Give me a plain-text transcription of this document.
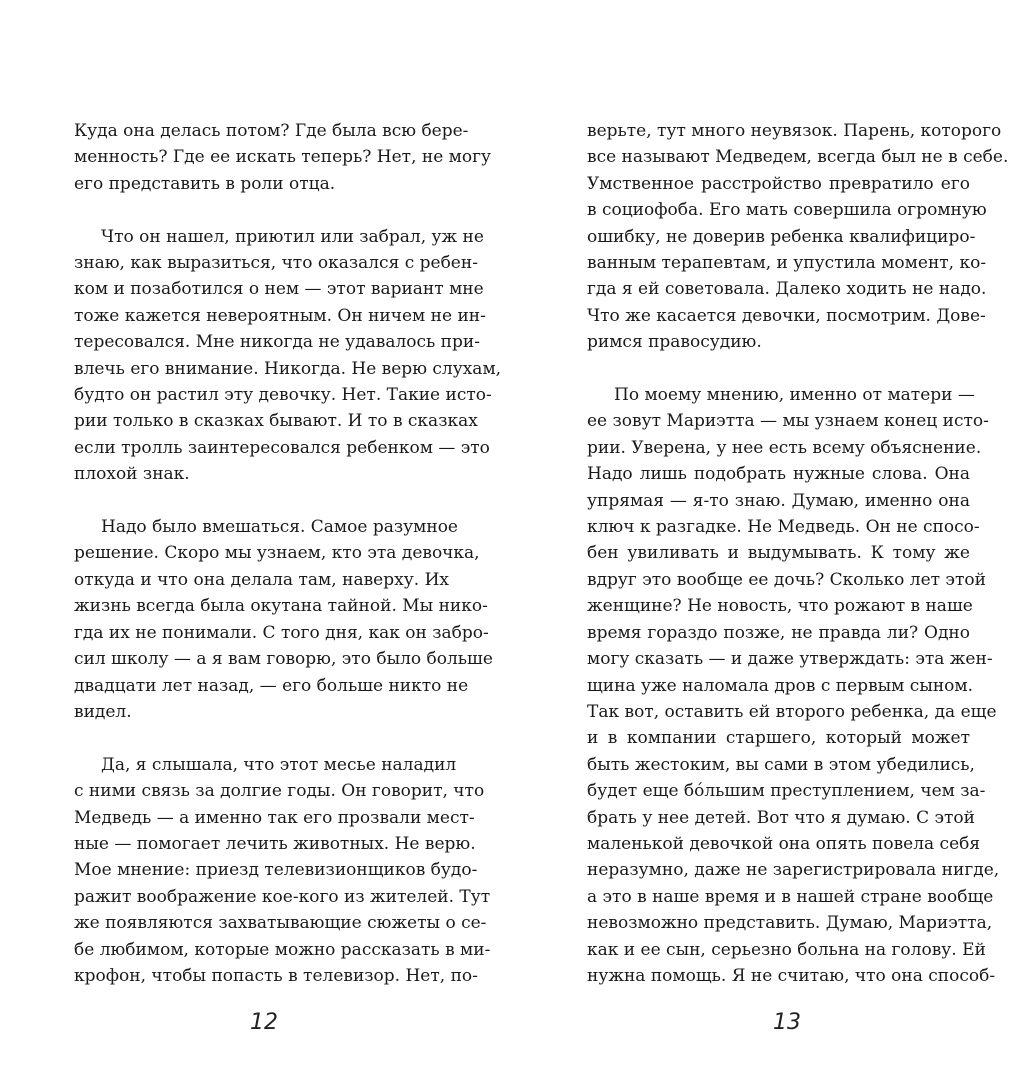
Куда она делась потом? Где была всю бере-
менность? Где ее искать теперь? Нет, не могу
его представить в роли отца.

Что он нашел, приютил или забрал, уж не
знаю, как выразиться, что оказался с ребен-
ком и позаботился о нем — этот вариант мне
тоже кажется невероятным. Он ничем не ин-
тересовался. Мне никогда не удавалось при-
влечь его внимание. Никогда. Не верю слухам,
будто он растил эту девочку. Нет. Такие исто-
рии только в сказках бывают. И то в сказках
если тролль заинтересовался ребенком — это
плохой знак.

Надо было вмешаться. Самое разумное
решение. Скоро мы узнаем, кто эта девочка,
откуда и что она делала там, наверху. Их
жизнь всегда была окутана тайной. Мы нико-
гда их не понимали. С того дня, как он забро-
сил школу — а я вам говорю, это было больше
двадцати лет назад, — его больше никто не
видел.

Да, я слышала, что этот месье наладил
с ними связь за долгие годы. Он говорит, что
Медведь — а именно так его прозвали мест-
ные — помогает лечить животных. Не верю.
Мое мнение: приезд телевизионщиков будо-
ражит воображение кое-кого из жителей. Тут
же появляются захватывающие сюжеты о се-
бе любимом, которые можно рассказать в ми-
крофон, чтобы попасть в телевизор. Нет, по-

12

верьте, тут много неувязок. Парень, которого
все называют Медведем, всегда был не в себе.
Умственное расстройство превратило его
в социофоба. Его мать совершила огромную
ошибку, не доверив ребенка квалифициро-
ванным терапевтам, и упустила момент, ко-
гда я ей советовала. Далеко ходить не надо.
Что же касается девочки, посмотрим. Дове-
римся правосудию.

По моему мнению, именно от матери —
ее зовут Мариэтта — мы узнаем конец исто-
рии. Уверена, у нее есть всему объяснение.
Надо лишь подобрать нужные слова. Она
упрямая — я-то знаю. Думаю, именно она
ключ к разгадке. Не Медведь. Он не спосо-
бен увиливать и выдумывать. К тому же
вдруг это вообще ее дочь? Сколько лет этой
женщине? Не новость, что рожают в наше
время гораздо позже, не правда ли? Одно
могу сказать — и даже утверждать: эта жен-
щина уже наломала дров с первым сыном.
Так вот, оставить ей второго ребенка, да еще
и в компании старшего, который может
быть жестоким, вы сами в этом убедились,
будет еще бóльшим преступлением, чем за-
брать у нее детей. Вот что я думаю. С этой
маленькой девочкой она опять повела себя
неразумно, даже не зарегистрировала нигде,
а это в наше время и в нашей стране вообще
невозможно представить. Думаю, Мариэтта,
как и ее сын, серьезно больна на голову. Ей
нужна помощь. Я не считаю, что она способ-

13
